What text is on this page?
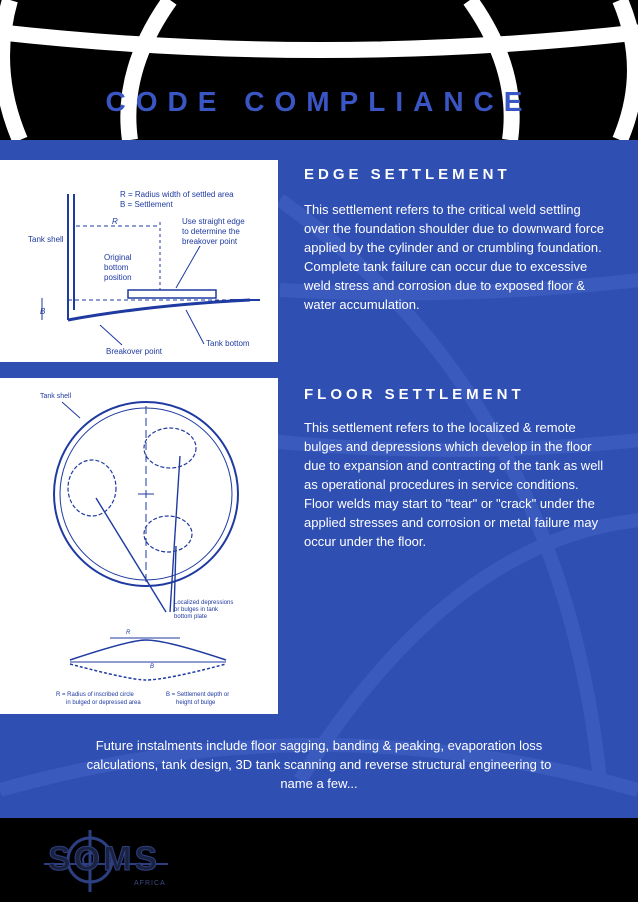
CODE COMPLIANCE
R = Radius width of settled area
B = Settlement
R
Tank shell
Use straight edge to determine the breakover point
Original bottom position
B
Breakover point
Tank bottom
Tank shell
Localized depressions or bulges in tank bottom plate
R
B
R = Radius of inscribed circle in bulged or depressed area
B = Settlement depth or height of bulge
EDGE SETTLEMENT

This settlement refers to the critical weld settling over the foundation shoulder due to downward force applied by the cylinder and or crumbling foundation. Complete tank failure can occur due to excessive weld stress and corrosion due to exposed floor & water accumulation.

FLOOR SETTLEMENT

This settlement refers to the localized & remote bulges and depressions which develop in the floor due to expansion and contracting of the tank as well as operational procedures in service conditions. Floor welds may start to "tear" or "crack" under the applied stresses and corrosion or metal failure may occur under the floor.

Future instalments include floor sagging, banding & peaking, evaporation loss calculations, tank design, 3D tank scanning and reverse structural engineering to name a few...

SOMS
AFRICA
